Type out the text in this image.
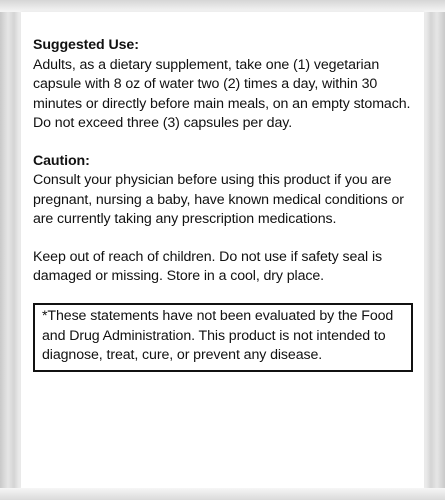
Suggested Use:
Adults, as a dietary supplement, take one (1) vegetarian capsule with 8 oz of water two (2) times a day, within 30 minutes or directly before main meals, on an empty stomach.
Do not exceed three (3) capsules per day.
Caution:
Consult your physician before using this product if you are pregnant, nursing a baby, have known medical conditions or are currently taking any prescription medications.
Keep out of reach of children. Do not use if safety seal is damaged or missing. Store in a cool, dry place.
*These statements have not been evaluated by the Food and Drug Administration. This product is not intended to diagnose, treat, cure, or prevent any disease.
